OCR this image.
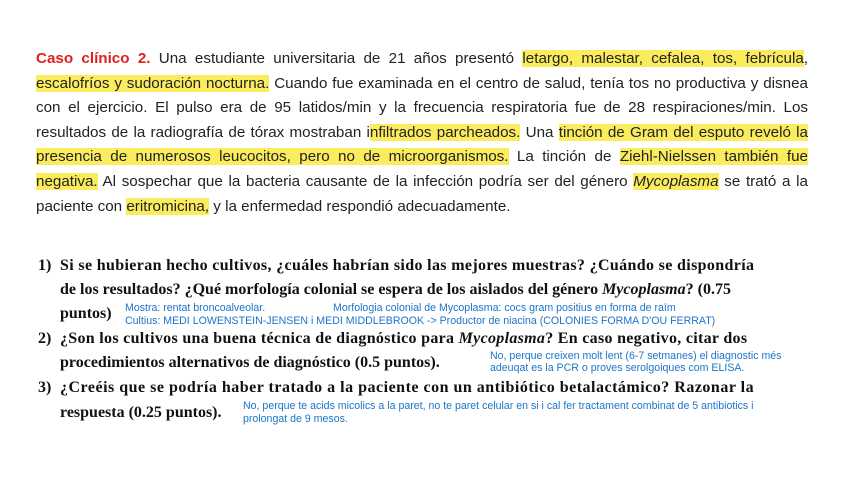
Caso clínico 2. Una estudiante universitaria de 21 años presentó letargo, malestar, cefalea, tos, febrícula, escalofríos y sudoración nocturna. Cuando fue examinada en el centro de salud, tenía tos no productiva y disnea con el ejercicio. El pulso era de 95 latidos/min y la frecuencia respiratoria fue de 28 respiraciones/min. Los resultados de la radiografía de tórax mostraban infiltrados parcheados. Una tinción de Gram del esputo reveló la presencia de numerosos leucocitos, pero no de microorganismos. La tinción de Ziehl-Nielssen también fue negativa. Al sospechar que la bacteria causante de la infección podría ser del género Mycoplasma se trató a la paciente con eritromicina, y la enfermedad respondió adecuadamente.
1) Si se hubieran hecho cultivos, ¿cuáles habrían sido las mejores muestras? ¿Cuándo se dispondría
de los resultados? ¿Qué morfología colonial se espera de los aislados del género Mycoplasma? (0.75
puntos) Mostra: rentat broncoalveolar.	Morfologia colonial de Mycoplasma: cocs gram positius en forma de raïm
Cultius: MEDI LOWENSTEIN-JENSEN i MEDI MIDDLEBROOK -> Productor de niacina (COLONIES FORMA D'OU FERRAT)
2) ¿Son los cultivos una buena técnica de diagnóstico para Mycoplasma? En caso negativo, citar dos
procedimientos alternativos de diagnóstico (0.5 puntos).	No, perque creixen molt lent (6-7 setmanes) el diagnostic més
adeuqat es la PCR o proves serolgoiques com ELISA.
3) ¿Creéis que se podría haber tratado a la paciente con un antibiótico betalactámico? Razonar la
respuesta (0.25 puntos). No, perque te acids micolics a la paret, no te paret celular en si i cal fer tractament combinat de 5 antibiotics i
prolongat de 9 mesos.
